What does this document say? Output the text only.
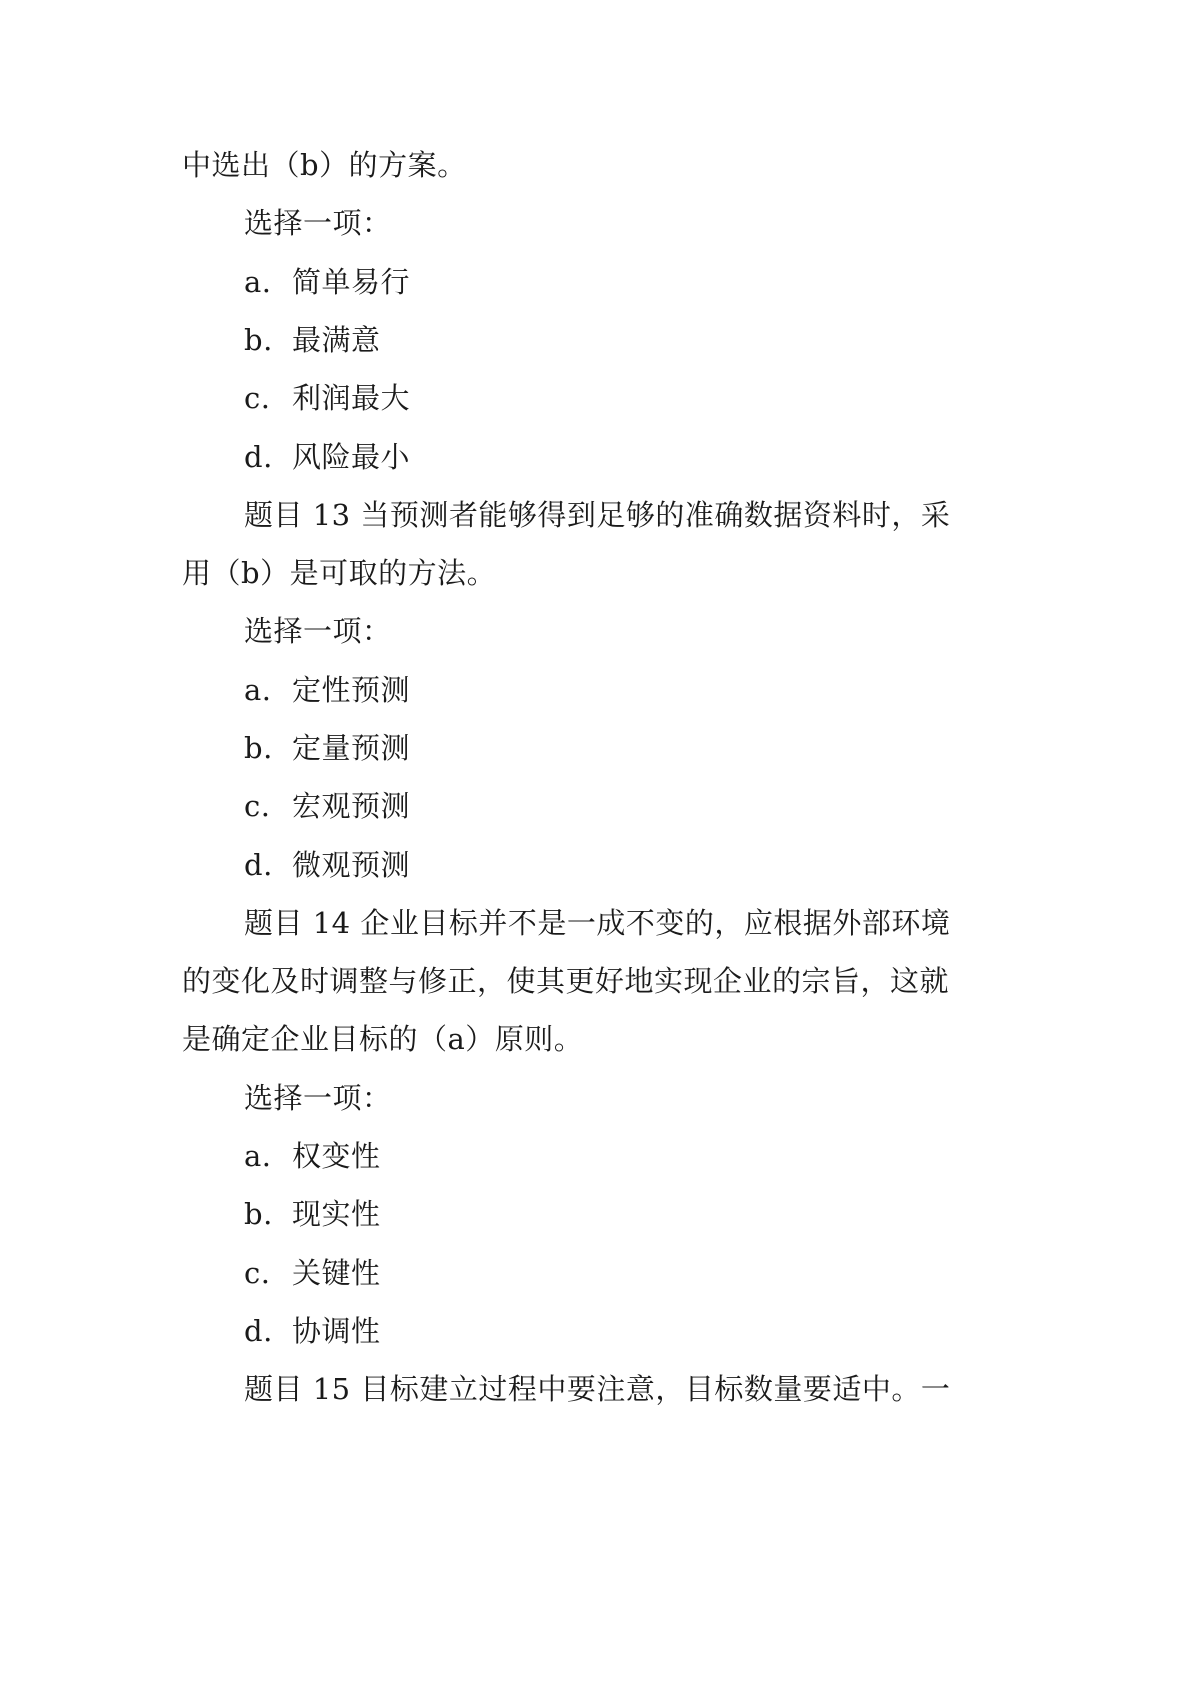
中选出（b）的方案。
选择一项：
a. 简单易行
b. 最满意
c. 利润最大
d. 风险最小
题目 13 当预测者能够得到足够的准确数据资料时，采
用（b）是可取的方法。
选择一项：
a. 定性预测
b. 定量预测
c. 宏观预测
d. 微观预测
题目 14 企业目标并不是一成不变的，应根据外部环境
的变化及时调整与修正，使其更好地实现企业的宗旨，这就
是确定企业目标的（a）原则。
选择一项：
a. 权变性
b. 现实性
c. 关键性
d. 协调性
题目 15 目标建立过程中要注意，目标数量要适中。一
